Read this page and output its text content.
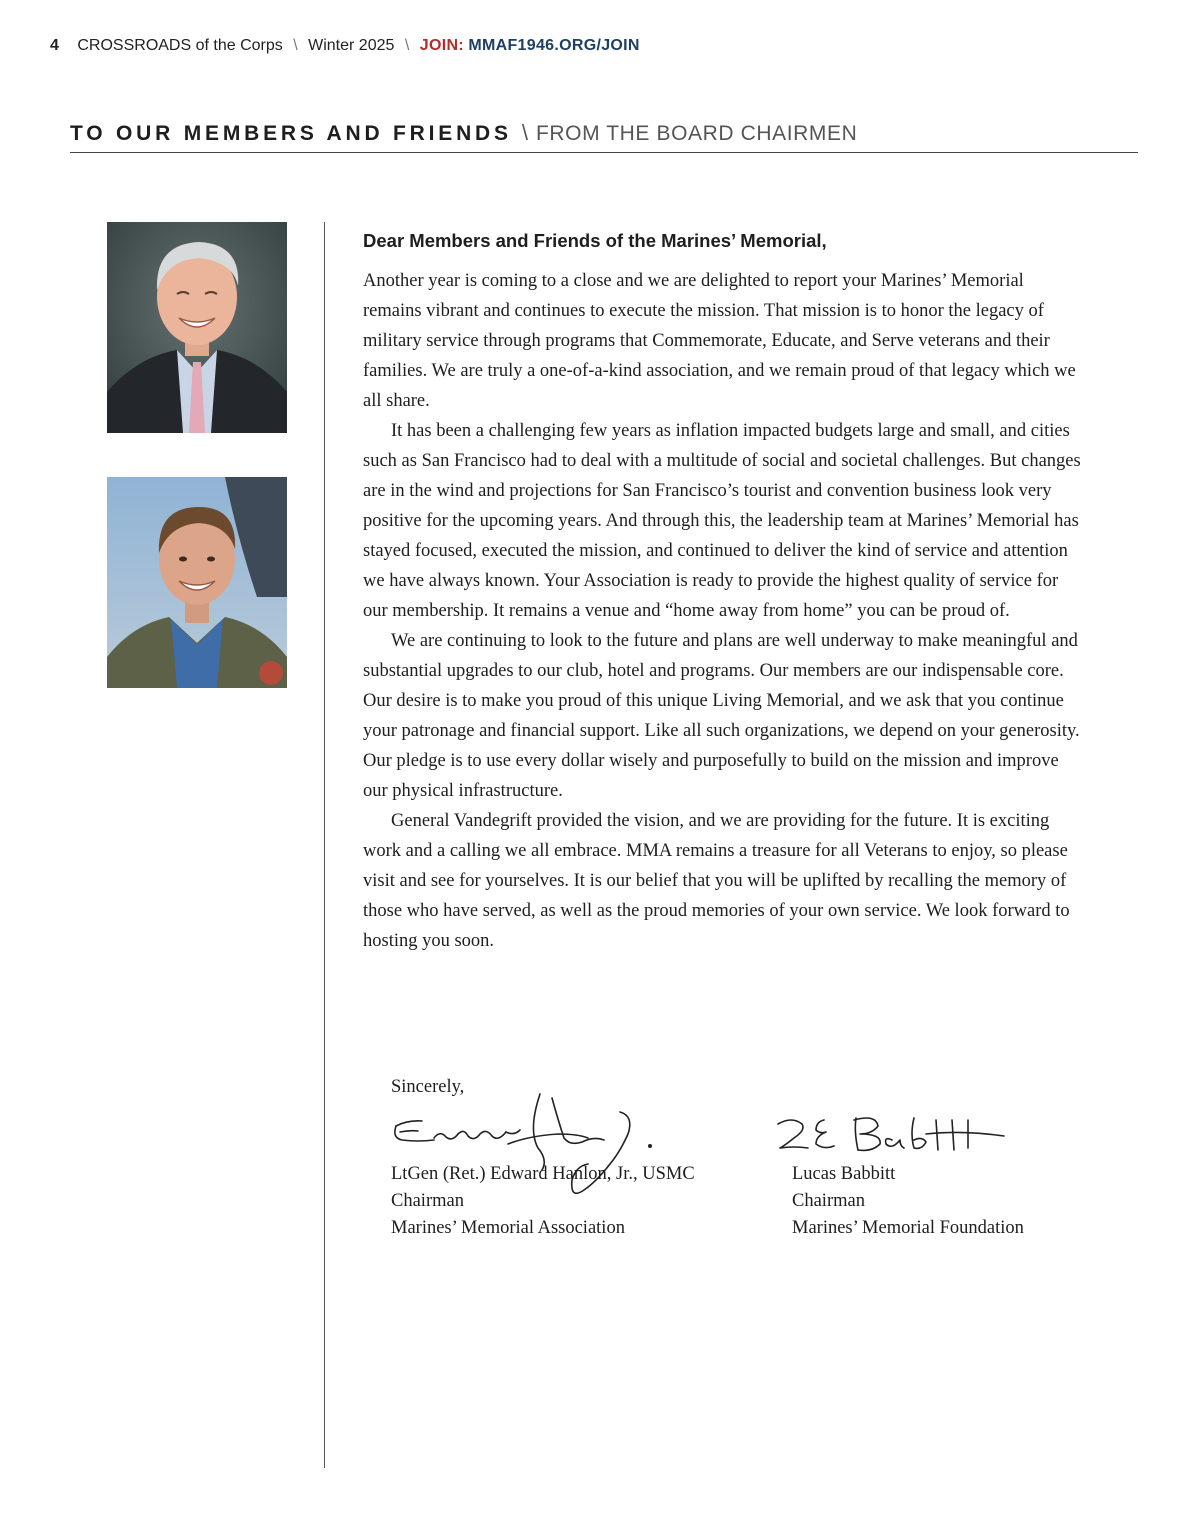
4 CROSSROADS of the Corps \ Winter 2025 \ JOIN: MMAF1946.ORG/JOIN
TO OUR MEMBERS AND FRIENDS \ FROM THE BOARD CHAIRMEN

Dear Members and Friends of the Marines’ Memorial,

Another year is coming to a close and we are delighted to report your Marines’ Memorial remains vibrant and continues to execute the mission. That mission is to honor the legacy of military service through programs that Commemorate, Educate, and Serve veterans and their families. We are truly a one-of-a-kind association, and we remain proud of that legacy which we all share.

It has been a challenging few years as inflation impacted budgets large and small, and cities such as San Francisco had to deal with a multitude of social and societal challenges. But changes are in the wind and projections for San Francisco’s tourist and convention business look very positive for the upcoming years. And through this, the leadership team at Marines’ Memorial has stayed focused, executed the mission, and continued to deliver the kind of service and attention we have always known. Your Association is ready to provide the highest quality of service for our membership. It remains a venue and “home away from home” you can be proud of.

We are continuing to look to the future and plans are well underway to make meaningful and substantial upgrades to our club, hotel and programs. Our members are our indispensable core. Our desire is to make you proud of this unique Living Memorial, and we ask that you continue your patronage and financial support. Like all such organizations, we depend on your generosity. Our pledge is to use every dollar wisely and purposefully to build on the mission and improve our physical infrastructure.

General Vandegrift provided the vision, and we are providing for the future. It is exciting work and a calling we all embrace. MMA remains a treasure for all Veterans to enjoy, so please visit and see for yourselves. It is our belief that you will be uplifted by recalling the memory of those who have served, as well as the proud memories of your own service. We look forward to hosting you soon.

Sincerely,
LtGen (Ret.) Edward Hanlon, Jr., USMC
Chairman
Marines’ Memorial Association
Lucas Babbitt
Chairman
Marines’ Memorial Foundation
